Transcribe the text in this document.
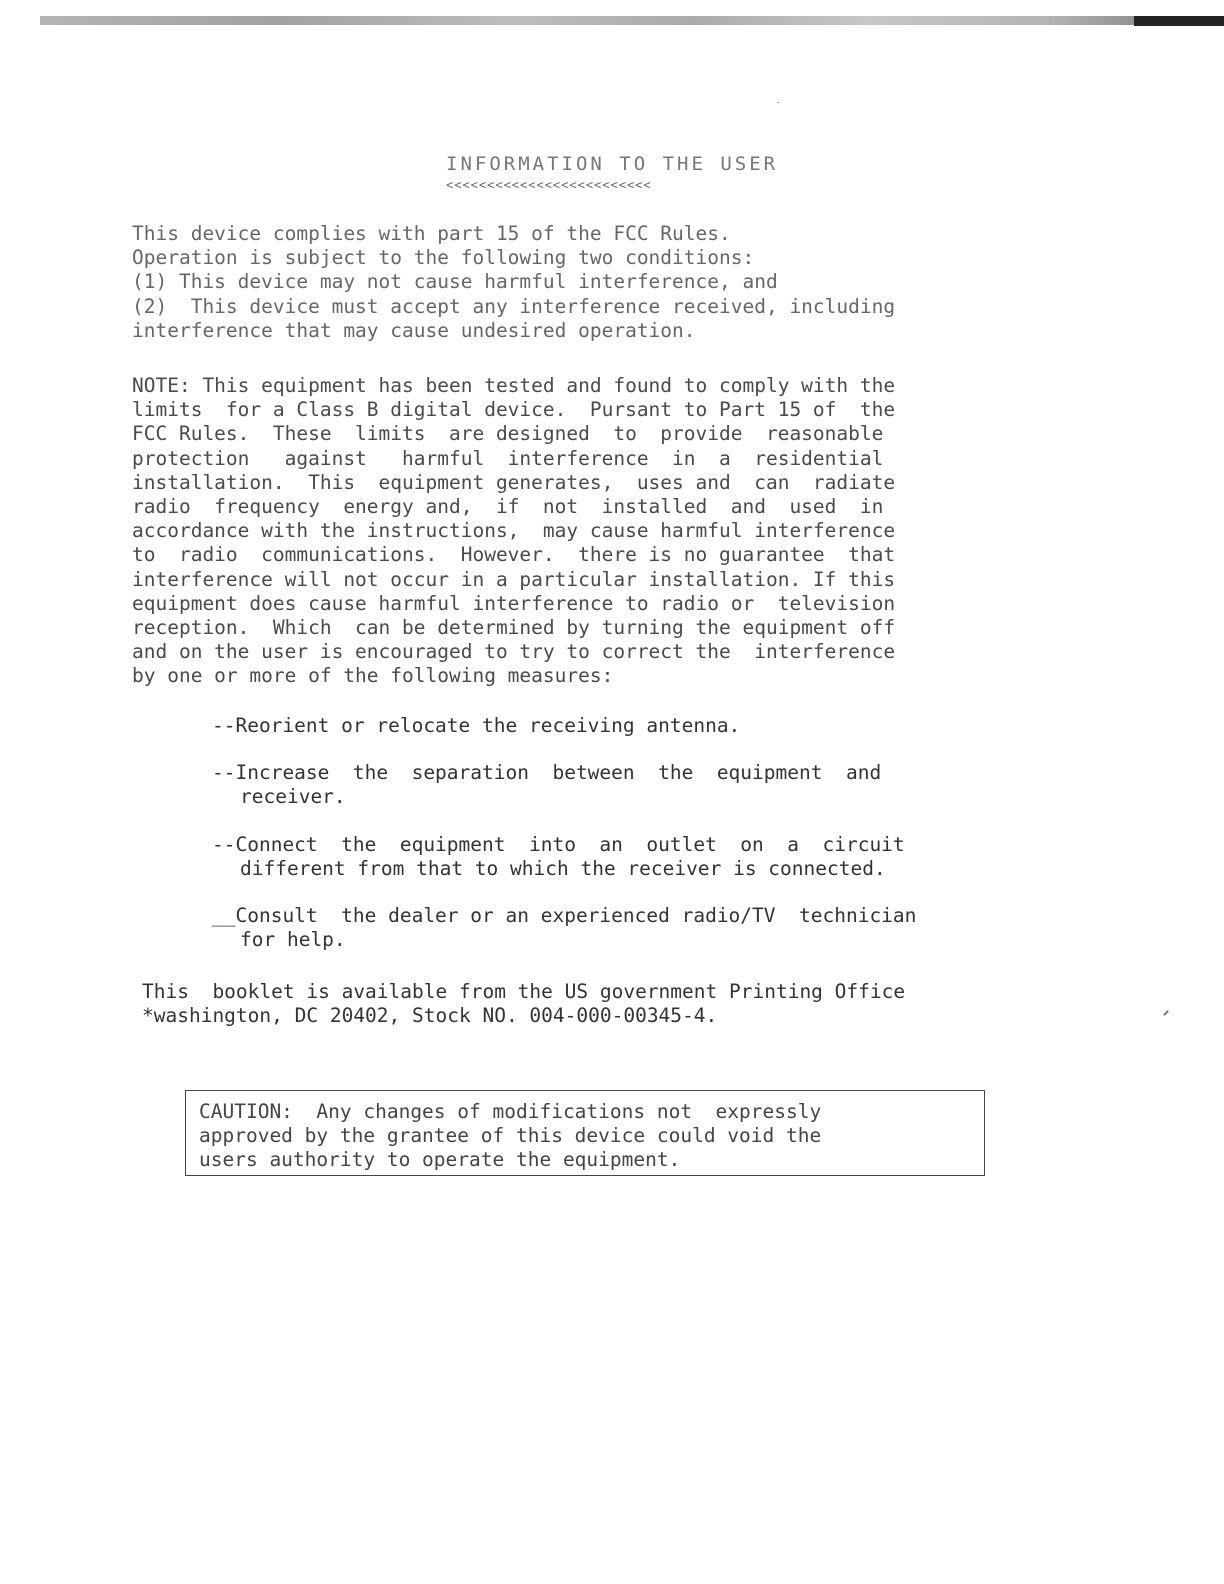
INFORMATION TO THE USER
<<<<<<<<<<<<<<<<<<<<<<<<<
This device complies with part 15 of the FCC Rules.
Operation is subject to the following two conditions:
(1) This device may not cause harmful interference, and
(2)  This device must accept any interference received, including
interference that may cause undesired operation.
NOTE: This equipment has been tested and found to comply with the
limits  for a Class B digital device.  Pursant to Part 15 of  the
FCC Rules.  These  limits  are designed  to  provide  reasonable
protection   against   harmful  interference  in  a  residential
installation.  This  equipment generates,  uses and  can  radiate
radio  frequency  energy and,  if  not  installed  and  used  in
accordance with the instructions,  may cause harmful interference
to  radio  communications.  However.  there is no guarantee  that
interference will not occur in a particular installation. If this
equipment does cause harmful interference to radio or  television
reception.  Which  can be determined by turning the equipment off
and on the user is encouraged to try to correct the  interference
by one or more of the following measures:
--Reorient or relocate the receiving antenna.
--Increase  the  separation  between  the  equipment  and
receiver.
--Connect  the  equipment  into  an  outlet  on  a  circuit
different from that to which the receiver is connected.
__Consult  the dealer or an experienced radio/TV  technician
for help.
This  booklet is available from the US government Printing Office
*washington, DC 20402, Stock NO. 004-000-00345-4.
CAUTION:  Any changes of modifications not  expressly
approved by the grantee of this device could void the
users authority to operate the equipment.
